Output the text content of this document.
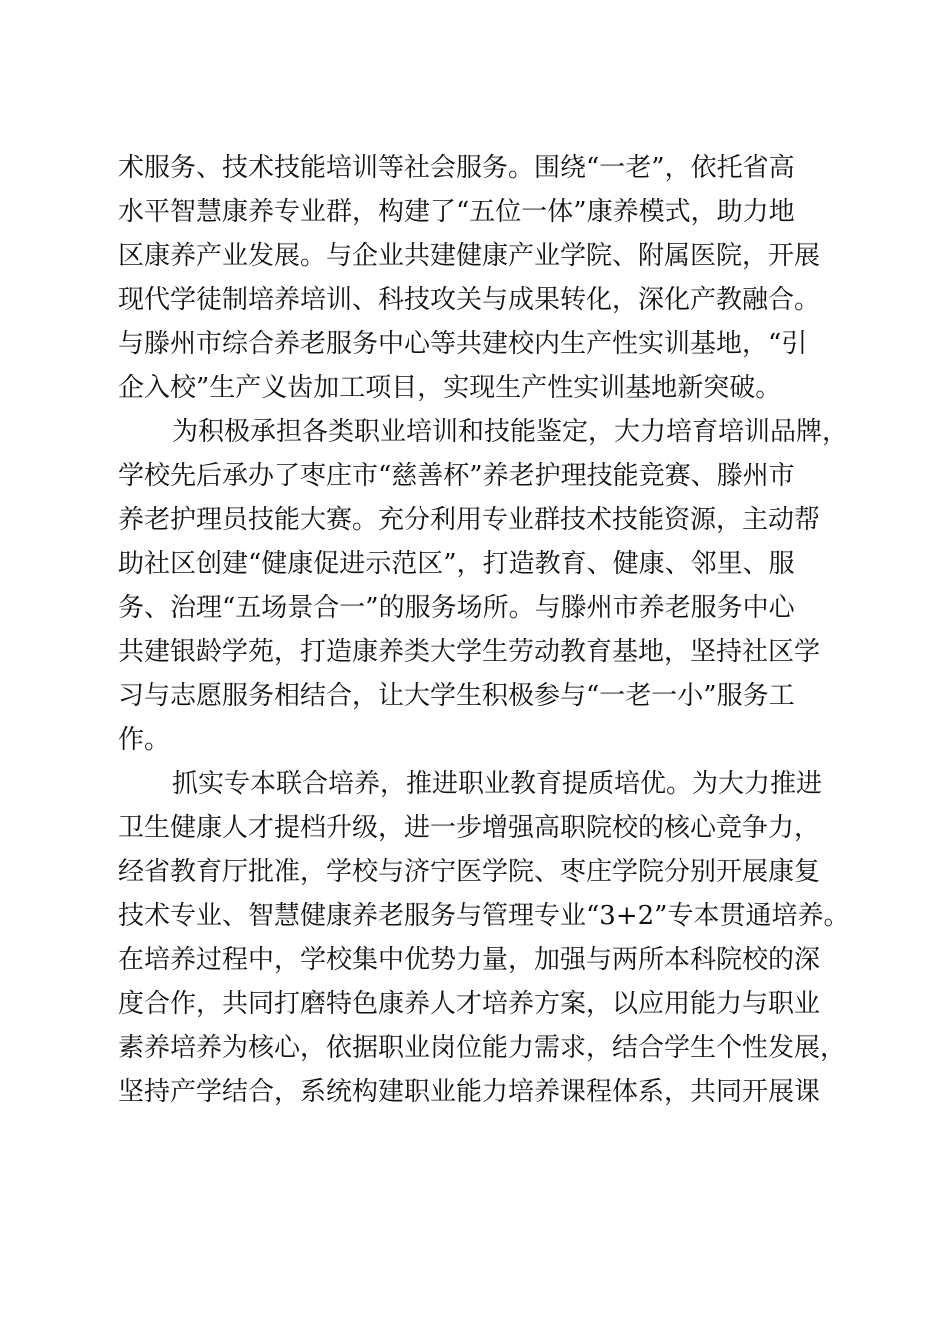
术服务、技术技能培训等社会服务。围绕“一老”，依托省高
水平智慧康养专业群，构建了“五位一体”康养模式，助力地
区康养产业发展。与企业共建健康产业学院、附属医院，开展
现代学徒制培养培训、科技攻关与成果转化，深化产教融合。
与滕州市综合养老服务中心等共建校内生产性实训基地，“引
企入校”生产义齿加工项目，实现生产性实训基地新突破。
为积极承担各类职业培训和技能鉴定，大力培育培训品牌，
学校先后承办了枣庄市“慈善杯”养老护理技能竞赛、滕州市
养老护理员技能大赛。充分利用专业群技术技能资源，主动帮
助社区创建“健康促进示范区”，打造教育、健康、邻里、服
务、治理“五场景合一”的服务场所。与滕州市养老服务中心
共建银龄学苑，打造康养类大学生劳动教育基地，坚持社区学
习与志愿服务相结合，让大学生积极参与“一老一小”服务工
作。
抓实专本联合培养，推进职业教育提质培优。为大力推进
卫生健康人才提档升级，进一步增强高职院校的核心竞争力，
经省教育厅批准，学校与济宁医学院、枣庄学院分别开展康复
技术专业、智慧健康养老服务与管理专业“3+2”专本贯通培养。
在培养过程中，学校集中优势力量，加强与两所本科院校的深
度合作，共同打磨特色康养人才培养方案，以应用能力与职业
素养培养为核心，依据职业岗位能力需求，结合学生个性发展，
坚持产学结合，系统构建职业能力培养课程体系，共同开展课
